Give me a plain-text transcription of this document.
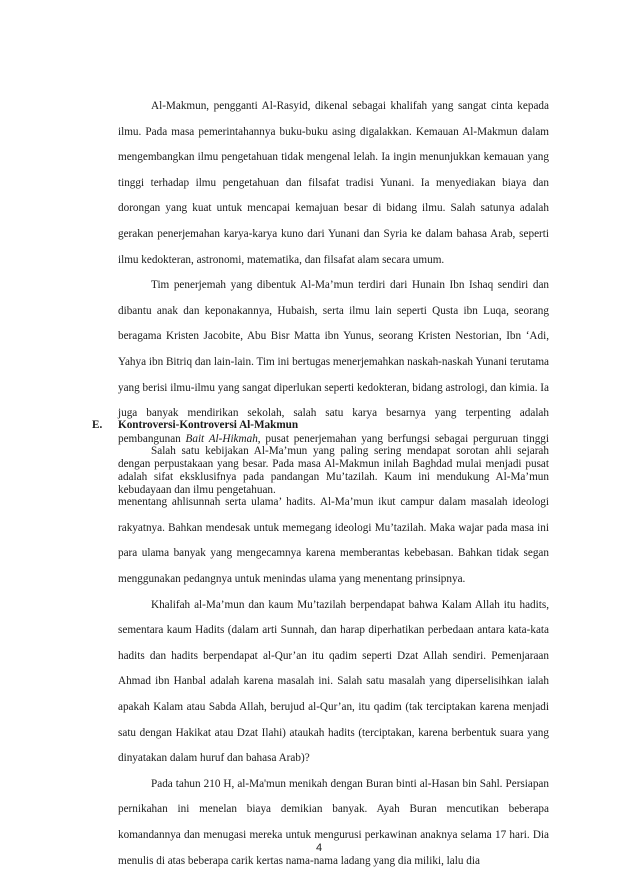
Al-Makmun, pengganti Al-Rasyid, dikenal sebagai khalifah yang sangat cinta kepada ilmu. Pada masa pemerintahannya buku-buku asing digalakkan. Kemauan Al-Makmun dalam mengembangkan ilmu pengetahuan tidak mengenal lelah. Ia ingin menunjukkan kemauan yang tinggi terhadap ilmu pengetahuan dan filsafat tradisi Yunani. Ia menyediakan biaya dan dorongan yang kuat untuk mencapai kemajuan besar di bidang ilmu. Salah satunya adalah gerakan penerjemahan karya-karya kuno dari Yunani dan Syria ke dalam bahasa Arab, seperti ilmu kedokteran, astronomi, matematika, dan filsafat alam secara umum.

Tim penerjemah yang dibentuk Al-Ma’mun terdiri dari Hunain Ibn Ishaq sendiri dan dibantu anak dan keponakannya, Hubaish, serta ilmu lain seperti Qusta ibn Luqa, seorang beragama Kristen Jacobite, Abu Bisr Matta ibn Yunus, seorang Kristen Nestorian, Ibn ‘Adi, Yahya ibn Bitriq dan lain-lain. Tim ini bertugas menerjemahkan naskah-naskah Yunani terutama yang berisi ilmu-ilmu yang sangat diperlukan seperti kedokteran, bidang astrologi, dan kimia. Ia juga banyak mendirikan sekolah, salah satu karya besarnya yang terpenting adalah pembangunan Bait Al-Hikmah, pusat penerjemahan yang berfungsi sebagai perguruan tinggi dengan perpustakaan yang besar. Pada masa Al-Makmun inilah Baghdad mulai menjadi pusat kebudayaan dan ilmu pengetahuan.

E. Kontroversi-Kontroversi Al-Makmun

Salah satu kebijakan Al-Ma’mun yang paling sering mendapat sorotan ahli sejarah adalah sifat eksklusifnya pada pandangan Mu’tazilah. Kaum ini mendukung Al-Ma’mun menentang ahlisunnah serta ulama’ hadits. Al-Ma’mun ikut campur dalam masalah ideologi rakyatnya. Bahkan mendesak untuk memegang ideologi Mu’tazilah. Maka wajar pada masa ini para ulama banyak yang mengecamnya karena memberantas kebebasan. Bahkan tidak segan menggunakan pedangnya untuk menindas ulama yang menentang prinsipnya.

Khalifah al-Ma’mun dan kaum Mu’tazilah berpendapat bahwa Kalam Allah itu hadits, sementara kaum Hadits (dalam arti Sunnah, dan harap diperhatikan perbedaan antara kata-kata hadits dan hadits berpendapat al-Qur’an itu qadim seperti Dzat Allah sendiri. Pemenjaraan Ahmad ibn Hanbal adalah karena masalah ini. Salah satu masalah yang diperselisihkan ialah apakah Kalam atau Sabda Allah, berujud al-Qur’an, itu qadim (tak terciptakan karena menjadi satu dengan Hakikat atau Dzat Ilahi) ataukah hadits (terciptakan, karena berbentuk suara yang dinyatakan dalam huruf dan bahasa Arab)?

Pada tahun 210 H, al-Ma'mun menikah dengan Buran binti al-Hasan bin Sahl. Persiapan pernikahan ini menelan biaya demikian banyak. Ayah Buran mencutikan beberapa komandannya dan menugasi mereka untuk mengurusi perkawinan anaknya selama 17 hari. Dia menulis di atas beberapa carik kertas nama-nama ladang yang dia miliki, lalu dia

4
